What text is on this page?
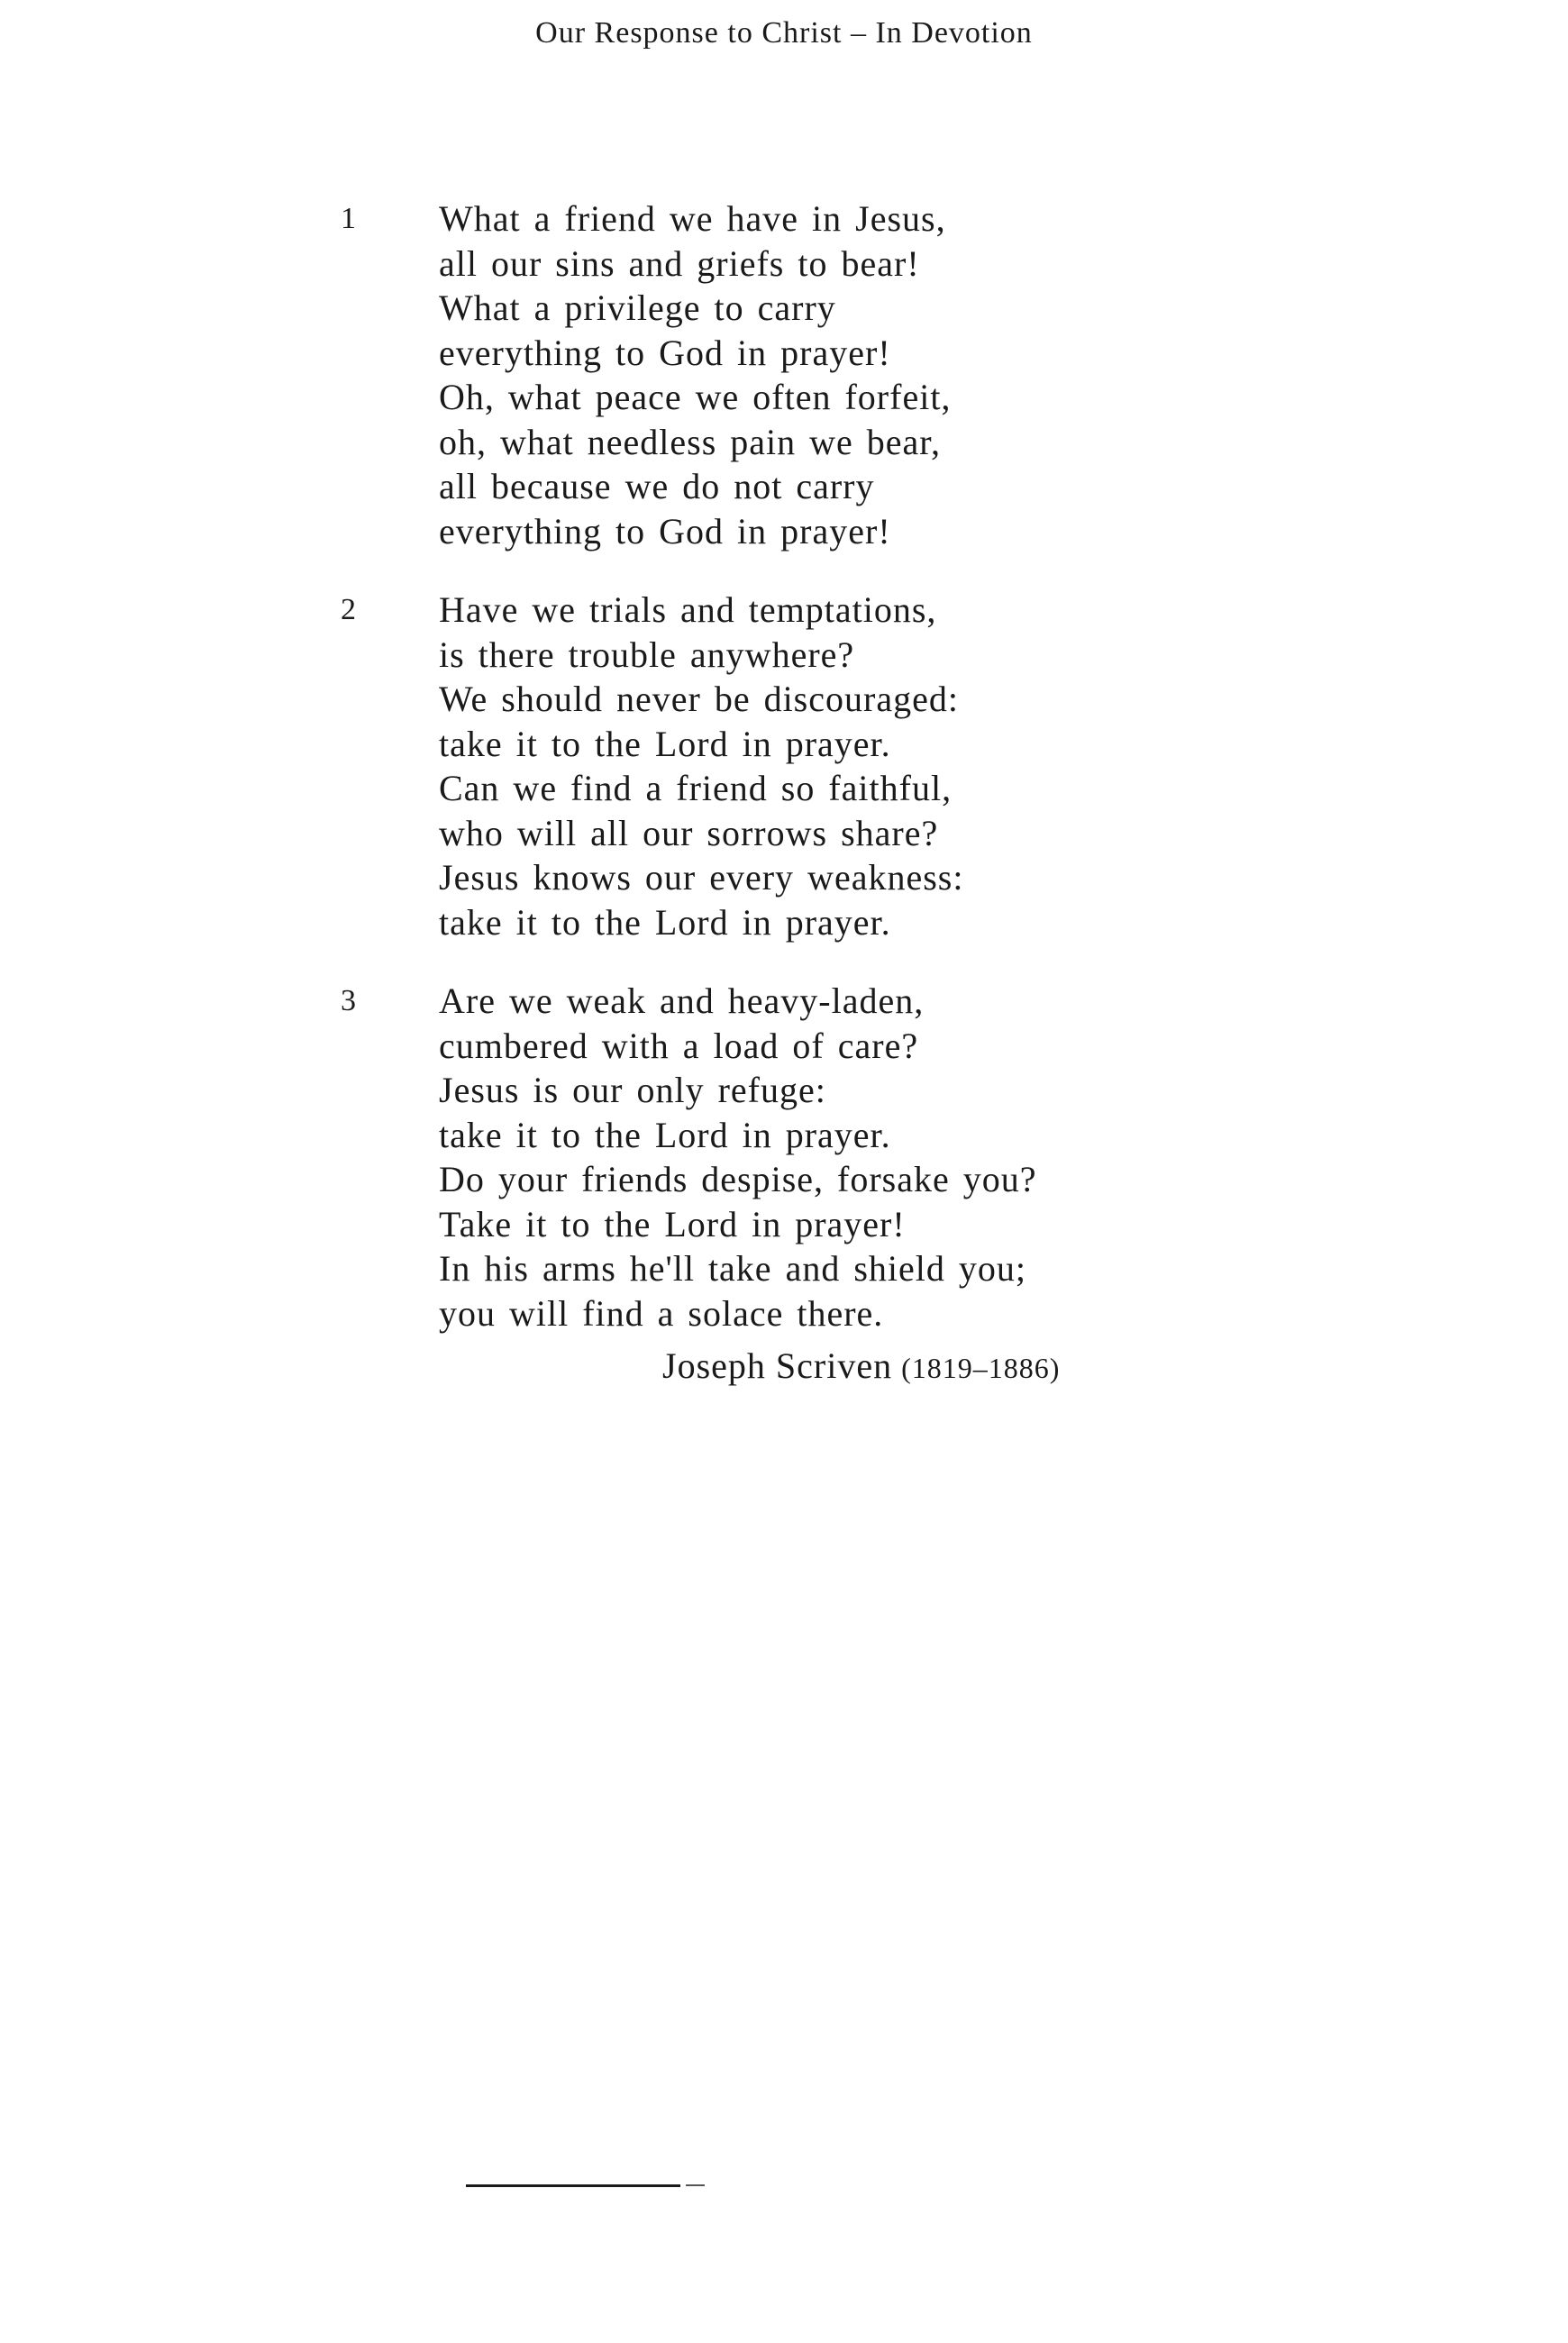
Our Response to Christ – In Devotion
1 What a friend we have in Jesus,
all our sins and griefs to bear!
What a privilege to carry
everything to God in prayer!
Oh, what peace we often forfeit,
oh, what needless pain we bear,
all because we do not carry
everything to God in prayer!
2 Have we trials and temptations,
is there trouble anywhere?
We should never be discouraged:
take it to the Lord in prayer.
Can we find a friend so faithful,
who will all our sorrows share?
Jesus knows our every weakness:
take it to the Lord in prayer.
3 Are we weak and heavy-laden,
cumbered with a load of care?
Jesus is our only refuge:
take it to the Lord in prayer.
Do your friends despise, forsake you?
Take it to the Lord in prayer!
In his arms he'll take and shield you;
you will find a solace there.
Joseph Scriven (1819–1886)
